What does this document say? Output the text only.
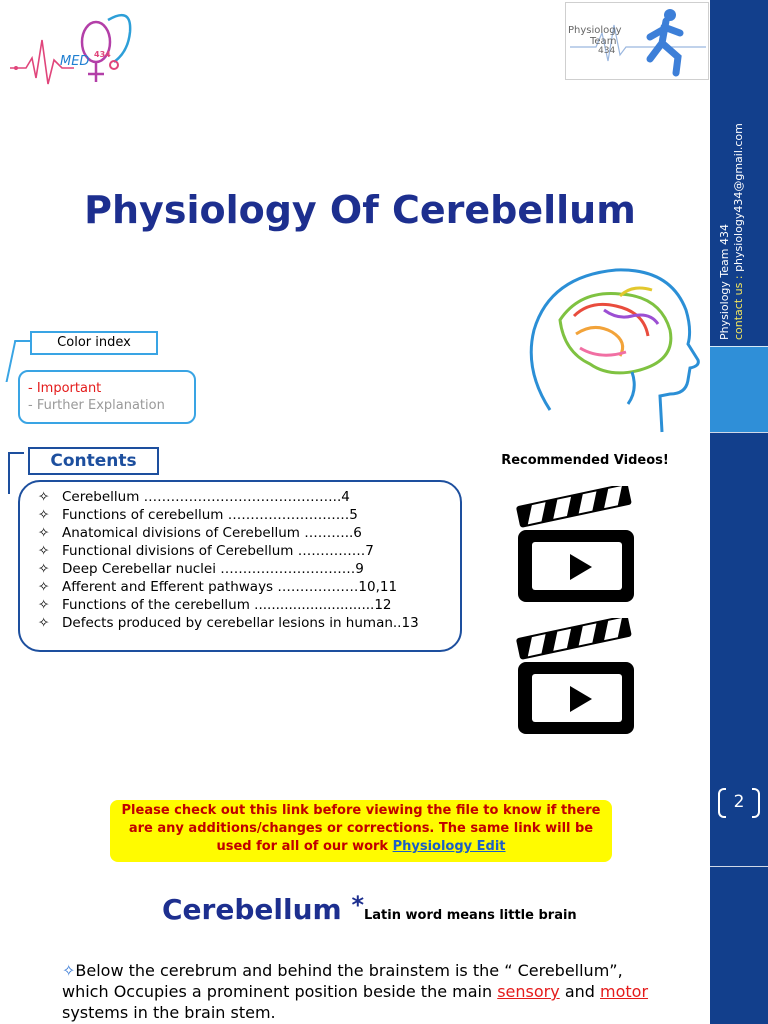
MED 434
Physiology
Team
434
Physiology Team 434 contact us : physiology434@gmail.com
2
Physiology Of Cerebellum
- Important
- Further Explanation
Color index
✧ Cerebellum ……………………………………..4
✧ Functions of cerebellum ………………………5
✧ Anatomical divisions of Cerebellum ………..6
✧ Functional divisions of Cerebellum ……………7
✧ Deep Cerebellar nuclei …………………………9
✧ Afferent and Efferent pathways ………………10,11
✧ Functions of the cerebellum ............................12
✧ Defects produced by cerebellar lesions in human..13
Contents	Recommended Videos!
Please check out this link before viewing the file to know if there are any additions/changes or corrections. The same link will be used for all of our work Physiology Edit
Cerebellum *Latin word means little brain
✧Below the cerebrum and behind the brainstem is the “ Cerebellum”, which Occupies a prominent position beside the main sensory and motor systems in the brain stem.
